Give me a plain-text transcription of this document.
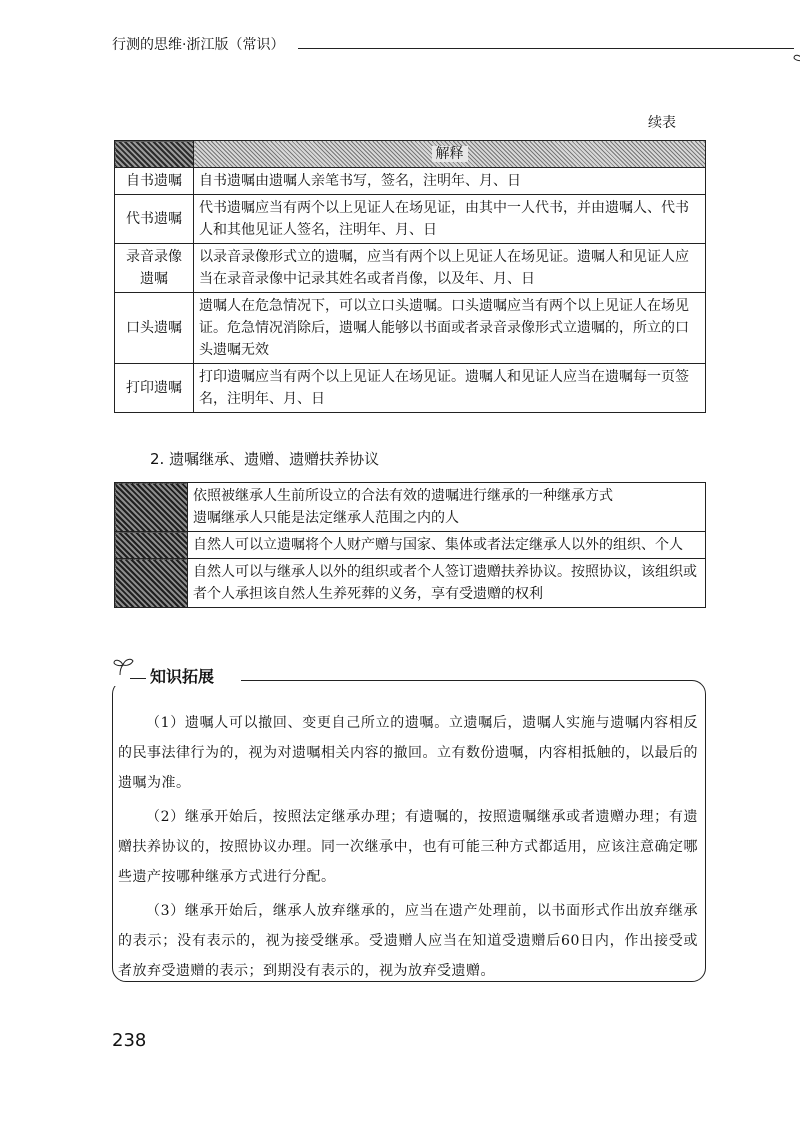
行测的思维·浙江版（常识）
续表
	解释
自书遗嘱	自书遗嘱由遗嘱人亲笔书写，签名，注明年、月、日
代书遗嘱	代书遗嘱应当有两个以上见证人在场见证，由其中一人代书，并由遗嘱人、代书人和其他见证人签名，注明年、月、日
录音录像遗嘱	以录音录像形式立的遗嘱，应当有两个以上见证人在场见证。遗嘱人和见证人应当在录音录像中记录其姓名或者肖像，以及年、月、日
口头遗嘱	遗嘱人在危急情况下，可以立口头遗嘱。口头遗嘱应当有两个以上见证人在场见证。危急情况消除后，遗嘱人能够以书面或者录音录像形式立遗嘱的，所立的口头遗嘱无效
打印遗嘱	打印遗嘱应当有两个以上见证人在场见证。遗嘱人和见证人应当在遗嘱每一页签名，注明年、月、日
2. 遗嘱继承、遗赠、遗赠扶养协议
	依照被继承人生前所设立的合法有效的遗嘱进行继承的一种继承方式
遗嘱继承人只能是法定继承人范围之内的人
	自然人可以立遗嘱将个人财产赠与国家、集体或者法定继承人以外的组织、个人
	自然人可以与继承人以外的组织或者个人签订遗赠扶养协议。按照协议，该组织或者个人承担该自然人生养死葬的义务，享有受遗赠的权利
知识拓展

（1）遗嘱人可以撤回、变更自己所立的遗嘱。立遗嘱后，遗嘱人实施与遗嘱内容相反的民事法律行为的，视为对遗嘱相关内容的撤回。立有数份遗嘱，内容相抵触的，以最后的遗嘱为准。

（2）继承开始后，按照法定继承办理；有遗嘱的，按照遗嘱继承或者遗赠办理；有遗赠扶养协议的，按照协议办理。同一次继承中，也有可能三种方式都适用，应该注意确定哪些遗产按哪种继承方式进行分配。

（3）继承开始后，继承人放弃继承的，应当在遗产处理前，以书面形式作出放弃继承的表示；没有表示的，视为接受继承。受遗赠人应当在知道受遗赠后60日内，作出接受或者放弃受遗赠的表示；到期没有表示的，视为放弃受遗赠。

238
